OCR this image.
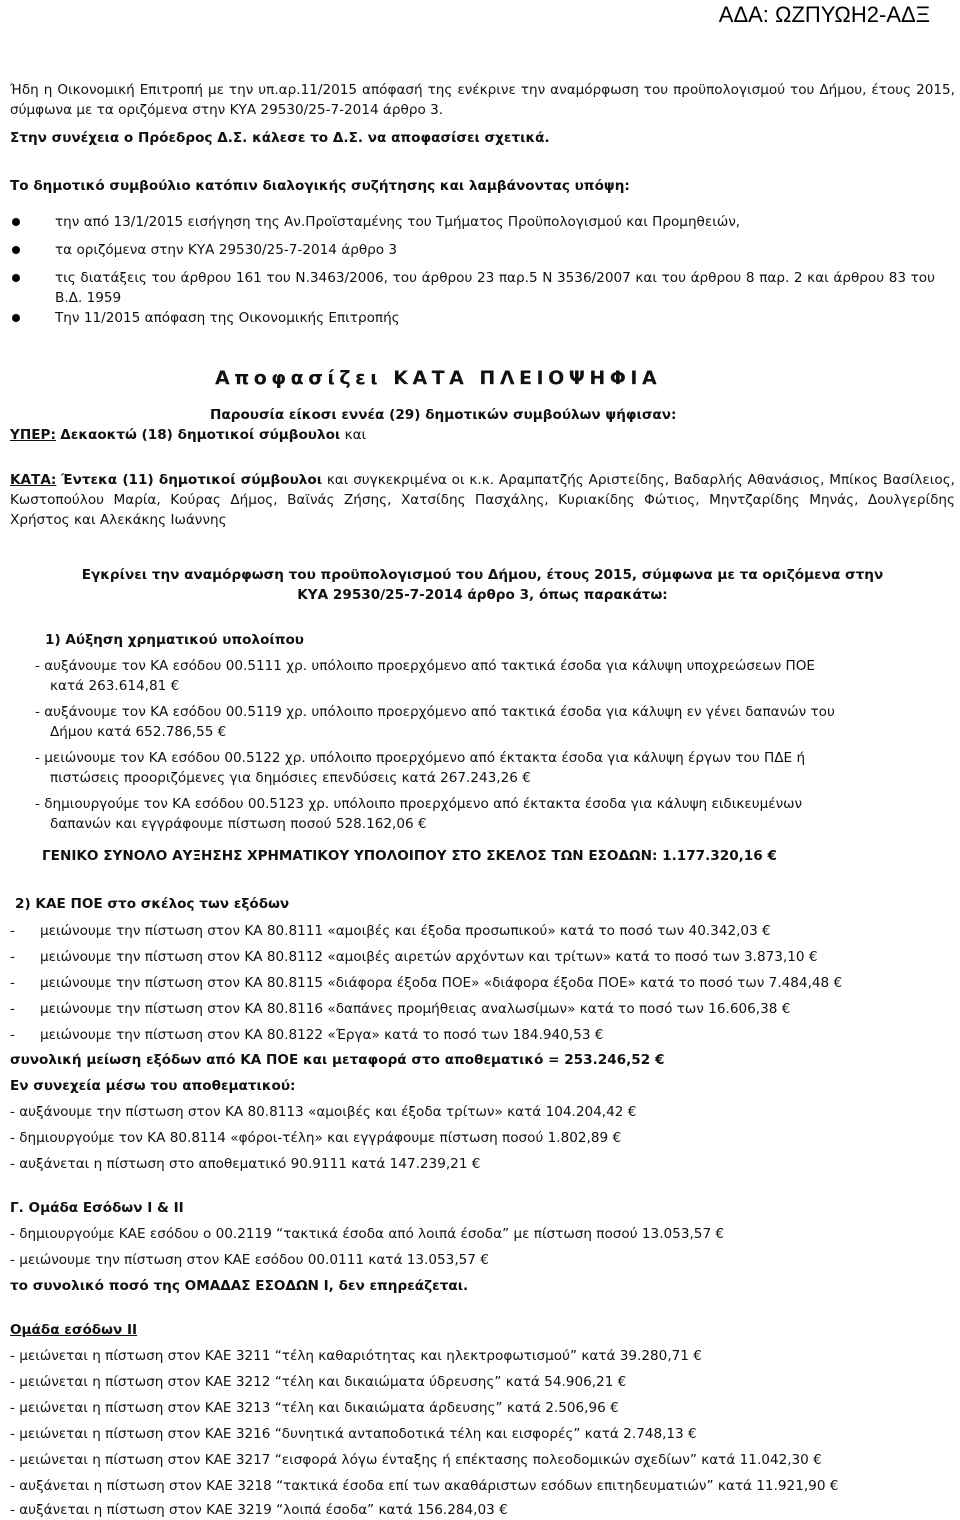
ΑΔΑ: ΩΖΠΥΩΗ2-ΑΔΞ
Ήδη η Οικονομική Επιτροπή με την υπ.αρ.11/2015 απόφασή της ενέκρινε την αναμόρφωση του προϋπολογισμού του Δήμου, έτους 2015, σύμφωνα με τα οριζόμενα στην ΚΥΑ 29530/25-7-2014 άρθρο 3.
Στην συνέχεια ο Πρόεδρος Δ.Σ. κάλεσε το Δ.Σ. να αποφασίσει σχετικά.
Το δημοτικό συμβούλιο κατόπιν διαλογικής συζήτησης και λαμβάνοντας υπόψη:
την από 13/1/2015 εισήγηση της Αν.Προϊσταμένης του Τμήματος Προϋπολογισμού και Προμηθειών,
τα οριζόμενα στην ΚΥΑ 29530/25-7-2014 άρθρο 3
τις διατάξεις του άρθρου 161 του Ν.3463/2006, του άρθρου 23 παρ.5 Ν 3536/2007 και του άρθρου 8 παρ. 2 και άρθρου 83 του Β.Δ. 1959
Την 11/2015 απόφαση της Οικονομικής Επιτροπής
Αποφασίζει ΚΑΤΑ ΠΛΕΙΟΨΗΦΙΑ
Παρουσία είκοσι εννέα (29) δημοτικών συμβούλων ψήφισαν:
ΥΠΕΡ: Δεκαοκτώ (18) δημοτικοί σύμβουλοι και
ΚΑΤΑ: Έντεκα (11) δημοτικοί σύμβουλοι και συγκεκριμένα οι κ.κ. Αραμπατζής Αριστείδης, Βαδαρλής Αθανάσιος, Μπίκος Βασίλειος, Κωστοπούλου Μαρία, Κούρας Δήμος, Βαϊνάς Ζήσης, Χατσίδης Πασχάλης, Κυριακίδης Φώτιος, Μηντζαρίδης Μηνάς, Δουλγερίδης Χρήστος και Αλεκάκης Ιωάννης
Εγκρίνει την αναμόρφωση του προϋπολογισμού του Δήμου, έτους 2015, σύμφωνα με τα οριζόμενα στην
ΚΥΑ 29530/25-7-2014 άρθρο 3, όπως παρακάτω:
1) Αύξηση χρηματικού υπολοίπου
- αυξάνουμε τον ΚΑ εσόδου 00.5111 χρ. υπόλοιπο προερχόμενο από τακτικά έσοδα για κάλυψη υποχρεώσεων ΠΟΕ
κατά 263.614,81 €
- αυξάνουμε τον ΚΑ εσόδου 00.5119 χρ. υπόλοιπο προερχόμενο από τακτικά έσοδα για κάλυψη εν γένει δαπανών του
Δήμου κατά 652.786,55 €
- μειώνουμε τον ΚΑ εσόδου 00.5122 χρ. υπόλοιπο προερχόμενο από έκτακτα έσοδα για κάλυψη έργων του ΠΔΕ ή
πιστώσεις προοριζόμενες για δημόσιες επενδύσεις κατά 267.243,26 €
- δημιουργούμε τον ΚΑ εσόδου 00.5123 χρ. υπόλοιπο προερχόμενο από έκτακτα έσοδα για κάλυψη ειδικευμένων
δαπανών και εγγράφουμε πίστωση ποσού 528.162,06 €
ΓΕΝΙΚΟ ΣΥΝΟΛΟ ΑΥΞΗΣΗΣ ΧΡΗΜΑΤΙΚΟΥ ΥΠΟΛΟΙΠΟΥ ΣΤΟ ΣΚΕΛΟΣ ΤΩΝ ΕΣΟΔΩΝ: 1.177.320,16 €
2) ΚΑΕ ΠΟΕ στο σκέλος των εξόδων
- μειώνουμε την πίστωση στον ΚΑ 80.8111 «αμοιβές και έξοδα προσωπικού» κατά το ποσό των 40.342,03 €
- μειώνουμε την πίστωση στον ΚΑ 80.8112 «αμοιβές αιρετών αρχόντων και τρίτων» κατά το ποσό των 3.873,10 €
- μειώνουμε την πίστωση στον ΚΑ 80.8115 «διάφορα έξοδα ΠΟΕ» «διάφορα έξοδα ΠΟΕ» κατά το ποσό των 7.484,48 €
- μειώνουμε την πίστωση στον ΚΑ 80.8116 «δαπάνες προμήθειας αναλωσίμων» κατά το ποσό των 16.606,38 €
- μειώνουμε την πίστωση στον ΚΑ 80.8122 «Έργα» κατά το ποσό των 184.940,53 €
συνολική μείωση εξόδων από ΚΑ ΠΟΕ και μεταφορά στο αποθεματικό = 253.246,52 €
Εν συνεχεία μέσω του αποθεματικού:
- αυξάνουμε την πίστωση στον ΚΑ 80.8113 «αμοιβές και έξοδα τρίτων» κατά 104.204,42 €
- δημιουργούμε τον ΚΑ 80.8114 «φόροι-τέλη» και εγγράφουμε πίστωση ποσού 1.802,89 €
- αυξάνεται η πίστωση στο αποθεματικό 90.9111 κατά 147.239,21 €
Γ. Ομάδα Εσόδων Ι & ΙΙ
- δημιουργούμε ΚΑΕ εσόδου ο 00.2119 “τακτικά έσοδα από λοιπά έσοδα” με πίστωση ποσού 13.053,57 €
- μειώνουμε την πίστωση στον ΚΑΕ εσόδου 00.0111 κατά 13.053,57 €
το συνολικό ποσό της ΟΜΑΔΑΣ ΕΣΟΔΩΝ Ι, δεν επηρεάζεται.
Ομάδα εσόδων ΙΙ
- μειώνεται η πίστωση στον ΚΑΕ 3211 “τέλη καθαριότητας και ηλεκτροφωτισμού” κατά 39.280,71 €
- μειώνεται η πίστωση στον ΚΑΕ 3212 “τέλη και δικαιώματα ύδρευσης” κατά 54.906,21 €
- μειώνεται η πίστωση στον ΚΑΕ 3213 “τέλη και δικαιώματα άρδευσης” κατά 2.506,96 €
- μειώνεται η πίστωση στον ΚΑΕ 3216 “δυνητικά ανταποδοτικά τέλη και εισφορές” κατά 2.748,13 €
- μειώνεται η πίστωση στον ΚΑΕ 3217 “εισφορά λόγω ένταξης ή επέκτασης πολεοδομικών σχεδίων” κατά 11.042,30 €
- αυξάνεται η πίστωση στον ΚΑΕ 3218 “τακτικά έσοδα επί των ακαθάριστων εσόδων επιτηδευματιών” κατά 11.921,90 €
- αυξάνεται η πίστωση στον ΚΑΕ 3219 “λοιπά έσοδα” κατά 156.284,03 €
